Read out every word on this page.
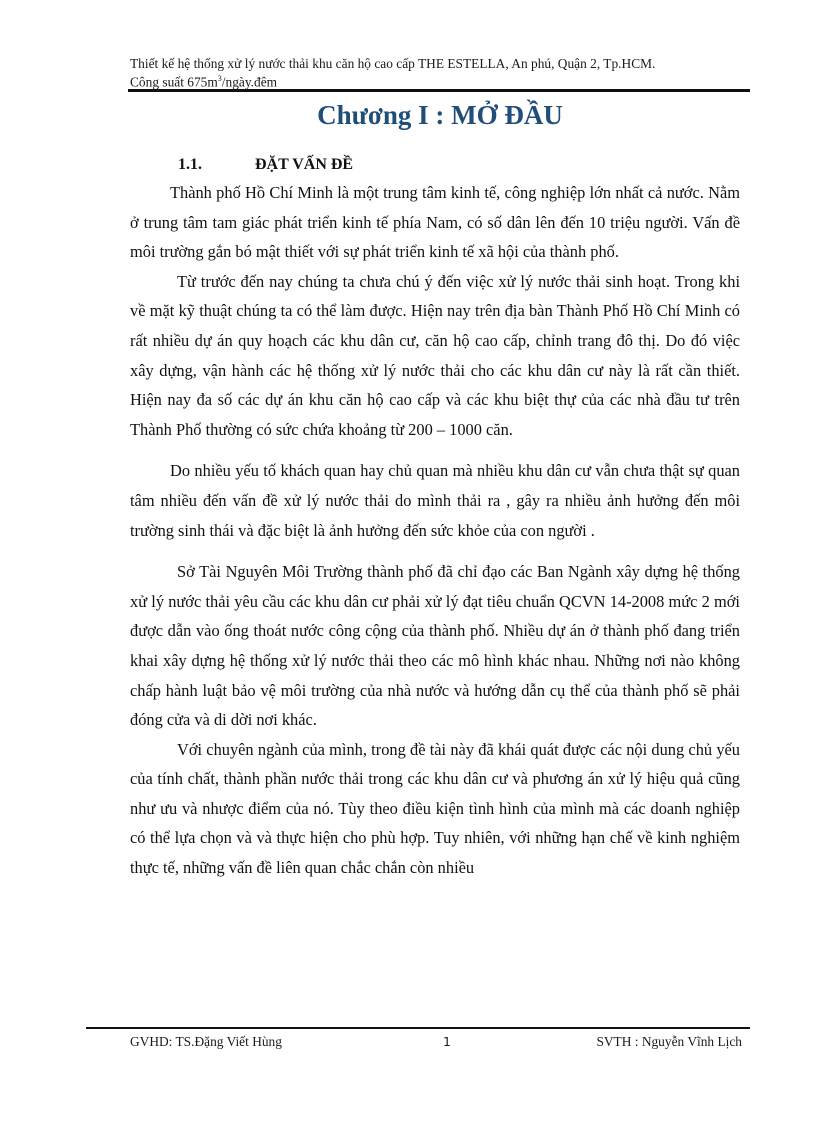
Thiết kế hệ thống xử lý nước thải khu căn hộ cao cấp THE ESTELLA, An phú, Quận 2, Tp.HCM.
Công suất $675m^3/ngày.đêm$
Chương I : MỞ ĐẦU
1.1.	ĐẶT VẤN ĐỀ

Thành phố Hồ Chí Minh là một trung tâm kinh tế, công nghiệp lớn nhất cả nước. Nằm ở trung tâm tam giác phát triển kinh tế phía Nam, có số dân lên đến 10 triệu người. Vấn đề môi trường gắn bó mật thiết với sự phát triển kinh tế xã hội của thành phố.

Từ trước đến nay chúng ta chưa chú ý đến việc xử lý nước thải sinh hoạt. Trong khi về mặt kỹ thuật chúng ta có thể làm được. Hiện nay trên địa bàn Thành Phố Hồ Chí Minh có rất nhiều dự án quy hoạch các khu dân cư, căn hộ cao cấp, chỉnh trang đô thị. Do đó việc xây dựng, vận hành các hệ thống xử lý nước thải cho các khu dân cư này là rất cần thiết. Hiện nay đa số các dự án khu căn hộ cao cấp và các khu biệt thự của các nhà đầu tư trên Thành Phố thường có sức chứa khoảng từ 200 – 1000 căn.

Do nhiều yếu tố khách quan hay chủ quan mà nhiều khu dân cư vẫn chưa thật sự quan tâm nhiều đến vấn đề xử lý nước thải do mình thải ra , gây ra nhiều ảnh hưởng đến môi trường sinh thái và đặc biệt là ảnh hưởng đến sức khỏe của con người .

Sở Tài Nguyên Môi Trường thành phố đã chỉ đạo các Ban Ngành xây dựng hệ thống xử lý nước thải yêu cầu các khu dân cư phải xử lý đạt tiêu chuẩn QCVN 14-2008 mức 2 mới được dẫn vào ống thoát nước công cộng của thành phố. Nhiều dự án ở thành phố đang triển khai xây dựng hệ thống xử lý nước thải theo các mô hình khác nhau. Những nơi nào không chấp hành luật bảo vệ môi trường của nhà nước và hướng dẫn cụ thể của thành phố sẽ phải đóng cửa và di dời nơi khác.

Với chuyên ngành của mình, trong đề tài này đã khái quát được các nội dung chủ yếu của tính chất, thành phần nước thải trong các khu dân cư và phương án xử lý hiệu quả cũng như ưu và nhược điểm của nó. Tùy theo điều kiện tình hình của mình mà các doanh nghiệp có thể lựa chọn và và thực hiện cho phù hợp. Tuy nhiên, với những hạn chế về kinh nghiệm thực tế, những vấn đề liên quan chắc chắn còn nhiều

GVHD: TS.Đặng Viết Hùng	1	SVTH : Nguyễn Vĩnh Lịch
